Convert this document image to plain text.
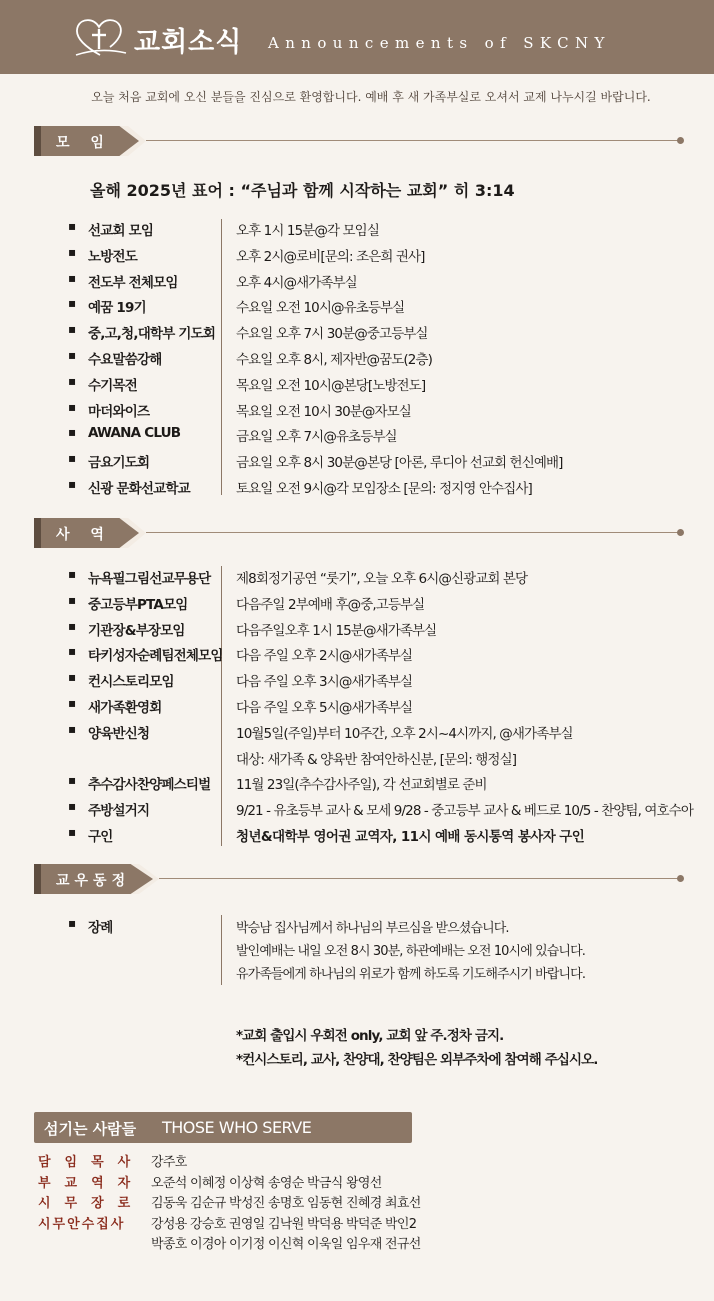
교회소식 Announcements of SKCNY
오늘 처음 교회에 오신 분들을 진심으로 환영합니다. 예배 후 새 가족부실로 오셔서 교제 나누시길 바랍니다.
모 임
올해 2025년 표어 : “주님과 함께 시작하는 교회” 히 3:14
▪ 선교회 모임	오후 1시 15분@각 모임실
▪ 노방전도	오후 2시@로비[문의: 조은희 권사]
▪ 전도부 전체모임	오후 4시@새가족부실
▪ 예꿈 19기	수요일 오전 10시@유초등부실
▪ 중,고,청,대학부 기도회 수요일 오후 7시 30분@중고등부실
▪ 수요말씀강해	수요일 오후 8시, 제자반@꿈도(2층)
▪ 수기목전	목요일 오전 10시@본당[노방전도]
▪ 마더와이즈	목요일 오전 10시 30분@자모실
▪ AWANA CLUB	금요일 오후 7시@유초등부실
▪ 금요기도회	금요일 오후 8시 30분@본당 [아론, 루디아 선교회 헌신예배]
▪ 신광 문화선교학교	토요일 오전 9시@각 모임장소 [문의: 정지영 안수집사]
사 역
▪ 뉴욕필그림선교무용단 제8회정기공연 “룻기”, 오늘 오후 6시@신광교회 본당
▪ 중고등부PTA모임	다음주일 2부예배 후@중,고등부실
▪ 기관장&부장모임	다음주일오후 1시 15분@새가족부실
▪ 타키성자순례팀전체모임 다음 주일 오후 2시@새가족부실
▪ 컨시스토리모임	다음 주일 오후 3시@새가족부실
▪ 새가족환영회	다음 주일 오후 5시@새가족부실
▪ 양육반신청	10월5일(주일)부터 10주간, 오후 2시~4시까지, @새가족부실
대상: 새가족 & 양육반 참여안하신분, [문의: 행정실]
▪ 추수감사찬양페스티벌 11월 23일(추수감사주일), 각 선교회별로 준비
▪ 주방설거지	9/21 - 유초등부 교사 & 모세 9/28 - 중고등부 교사 & 베드로 10/5 - 찬양팀, 여호수아
▪ 구인	청년&대학부 영어권 교역자, 11시 예배 동시통역 봉사자 구인
교우동정
▪ 장례	박승남 집사님께서 하나님의 부르심을 받으셨습니다.
발인예배는 내일 오전 8시 30분, 하관예배는 오전 10시에 있습니다.
유가족들에게 하나님의 위로가 함께 하도록 기도해주시기 바랍니다.
*교회 출입시 우회전 only, 교회 앞 주.정차 금지.
*컨시스토리, 교사, 찬양대, 찬양팀은 외부주차에 참여해 주십시오.
섬기는 사람들 THOSE WHO SERVE
담임목사 강주호
부교역자 오준석 이혜정 이상혁 송영순 박금식 왕영선
시무장로 김동욱 김순규 박성진 송명호 임동현 진혜경 최효선
시무안수집사 강성용 강승호 권영일 김낙원 박덕용 박덕준 박인2
박종호 이경아 이기정 이신혁 이욱일 임우재 전규선
